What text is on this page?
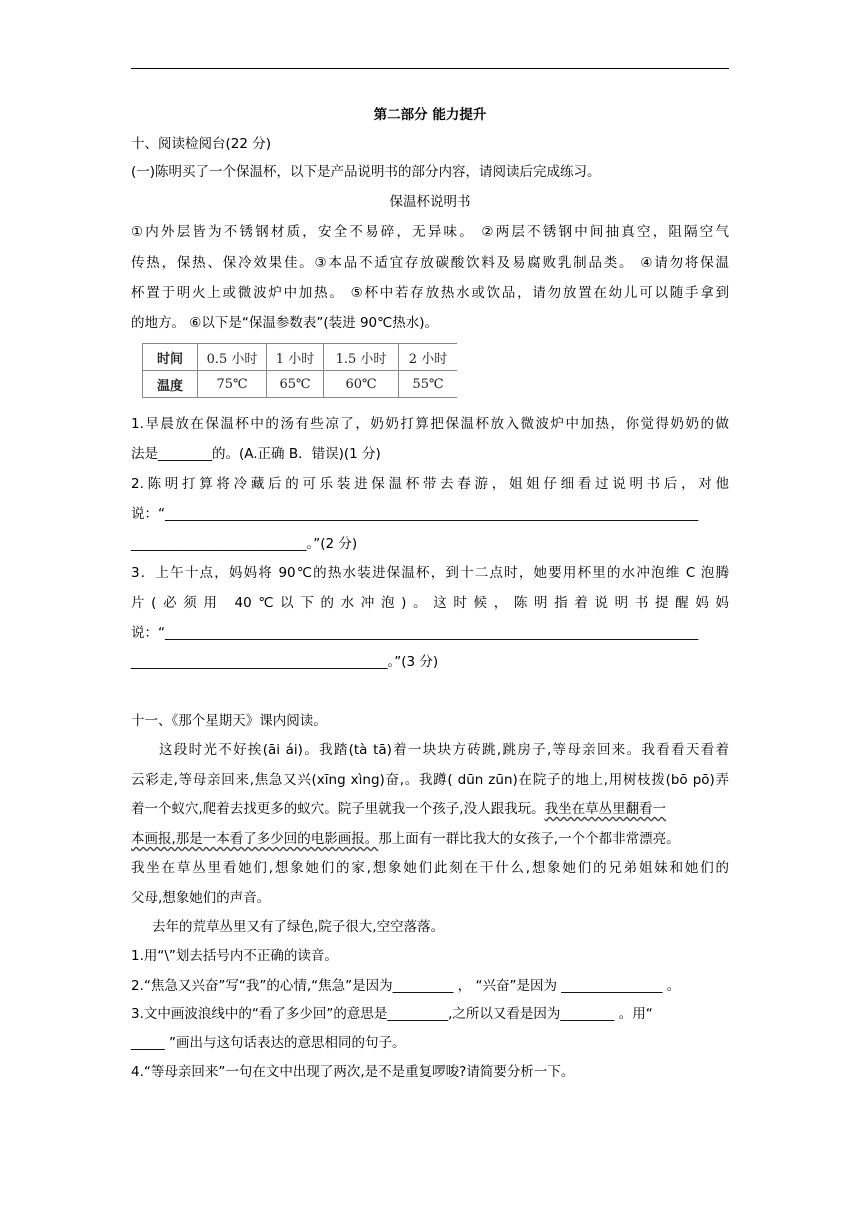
第二部分 能力提升
十、阅读检阅台(22 分)
(一)陈明买了一个保温杯，以下是产品说明书的部分内容，请阅读后完成练习。
保温杯说明书
①内外层皆为不锈钢材质，安全不易碎，无异味。 ②两层不锈钢中间抽真空，阻隔空气
传热，保热、保冷效果佳。③本品不适宜存放碳酸饮料及易腐败乳制品类。 ④请勿将保温
杯置于明火上或微波炉中加热。 ⑤杯中若存放热水或饮品，请勿放置在幼儿可以随手拿到
的地方。 ⑥以下是“保温参数表”(装进 90℃热水)。
时间	0.5 小时	1 小时	1.5 小时	2 小时
温度	75℃	65℃	60℃	55℃
1.早晨放在保温杯中的汤有些凉了，奶奶打算把保温杯放入微波炉中加热，你觉得奶奶的做
法是________的。(A.正确 B．错误)(1 分)
2.陈明打算将冷藏后的可乐装进保温杯带去春游，姐姐仔细看过说明书后，对他
说：“_______________________________________________________________________________
__________________________。”(2 分)
3．上午十点，妈妈将 90℃的热水装进保温杯，到十二点时，她要用杯里的水冲泡维 C 泡腾
片(必须用 40℃以下的水冲泡)。这时候，陈明指着说明书提醒妈妈
说：“_______________________________________________________________________________
______________________________________。”(3 分)
十一、《那个星期天》课内阅读。
这段时光不好挨(āi ái)。我踏(tà tā)着一块块方砖跳,跳房子,等母亲回来。我看看天看着
云彩走,等母亲回来,焦急又兴(xīng xìng)奋,。我蹲( dūn zūn)在院子的地上,用树枝拨(bō pō)弄
着一个蚁穴,爬着去找更多的蚁穴。院子里就我一个孩子,没人跟我玩。我坐在草丛里翻看一
本画报,那是一本看了多少回的电影画报。那上面有一群比我大的女孩子,一个个都非常漂亮。
我坐在草丛里看她们,想象她们的家,想象她们此刻在干什么,想象她们的兄弟姐妹和她们的
父母,想象她们的声音。
去年的荒草丛里又有了绿色,院子很大,空空落落。
1.用“\”划去括号内不正确的读音。
2.“焦急又兴奋”写“我”的心情,“焦急”是因为_________ ， “兴奋”是因为 _______________ 。
3.文中画波浪线中的“看了多少回”的意思是_________,之所以又看是因为________ 。用“
_____ ”画出与这句话表达的意思相同的句子。
4.“等母亲回来”一句在文中出现了两次,是不是重复啰唆?请简要分析一下。
